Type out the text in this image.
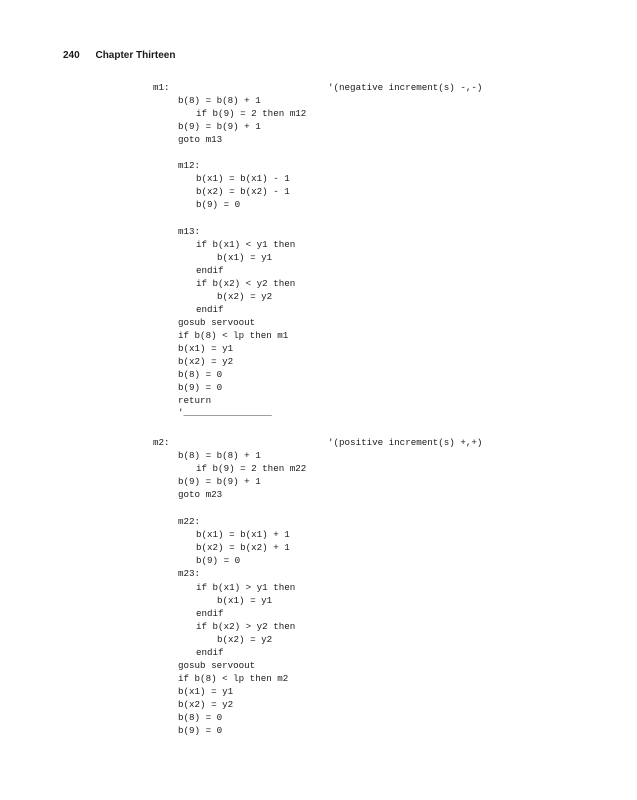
240 Chapter Thirteen
m1:	'(negative increment(s) -,-)
b(8) = b(8) + 1
if b(9) = 2 then m12
b(9) = b(9) + 1
goto m13
m12:
b(x1) = b(x1) - 1
b(x2) = b(x2) - 1
b(9) = 0
m13:
if b(x1) < y1 then
b(x1) = y1
endif
if b(x2) < y2 then
b(x2) = y2
endif
gosub servoout
if b(8) < lp then m1
b(x1) = y1
b(x2) = y2
b(8) = 0
b(9) = 0
return
'________________
m2:	'(positive increment(s) +,+)
b(8) = b(8) + 1
if b(9) = 2 then m22
b(9) = b(9) + 1
goto m23
m22:
b(x1) = b(x1) + 1
b(x2) = b(x2) + 1
b(9) = 0
m23:
if b(x1) > y1 then
b(x1) = y1
endif
if b(x2) > y2 then
b(x2) = y2
endif
gosub servoout
if b(8) < lp then m2
b(x1) = y1
b(x2) = y2
b(8) = 0
b(9) = 0
